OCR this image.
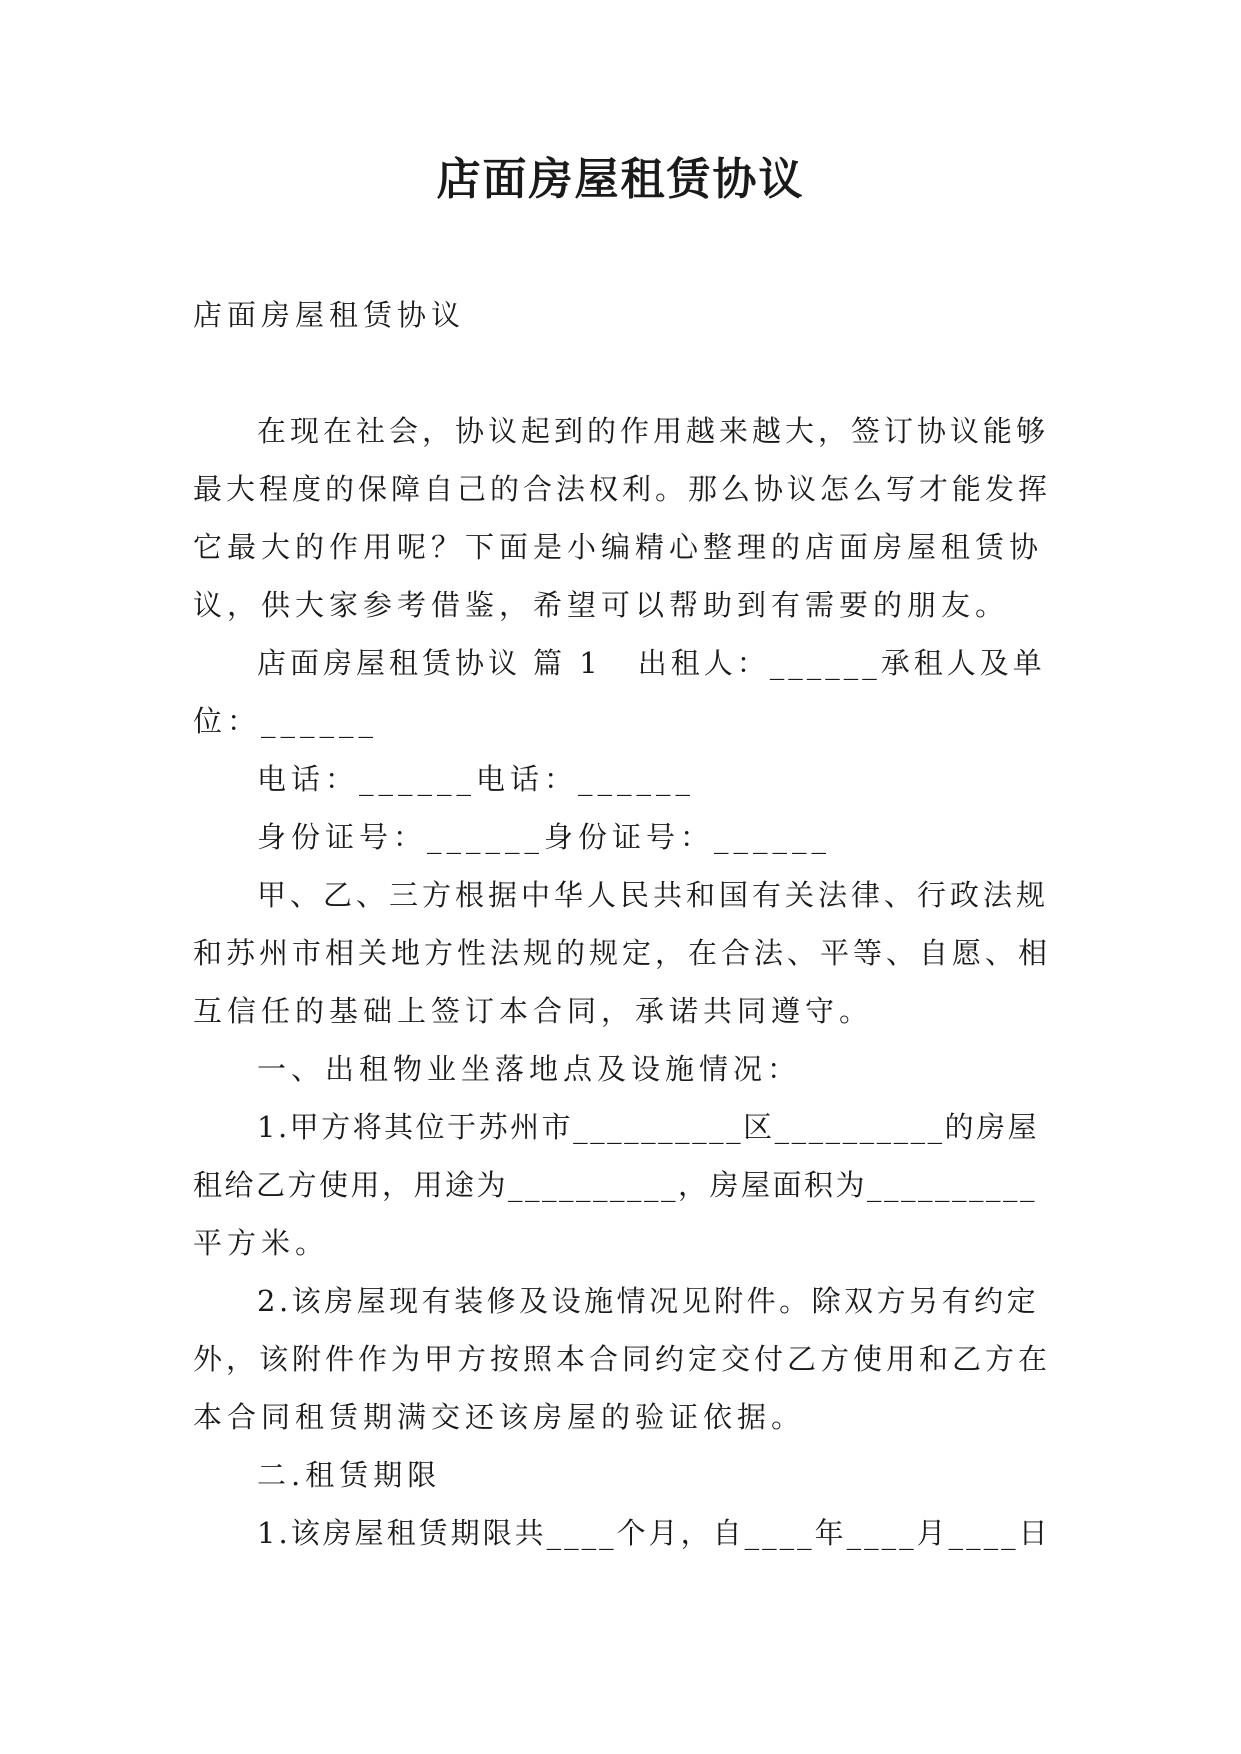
店面房屋租赁协议
店面房屋租赁协议
在现在社会，协议起到的作用越来越大，签订协议能够
最大程度的保障自己的合法权利。那么协议怎么写才能发挥
它最大的作用呢？下面是小编精心整理的店面房屋租赁协
议，供大家参考借鉴，希望可以帮助到有需要的朋友。
店面房屋租赁协议 篇 1 出租人：______承租人及单
位：______
电话：______电话：______
身份证号：______身份证号：______
甲、乙、三方根据中华人民共和国有关法律、行政法规
和苏州市相关地方性法规的规定，在合法、平等、自愿、相
互信任的基础上签订本合同，承诺共同遵守。
一、出租物业坐落地点及设施情况：
1.甲方将其位于苏州市__________区__________的房屋
租给乙方使用，用途为__________，房屋面积为__________
平方米。
2.该房屋现有装修及设施情况见附件。除双方另有约定
外，该附件作为甲方按照本合同约定交付乙方使用和乙方在
本合同租赁期满交还该房屋的验证依据。
二.租赁期限
1.该房屋租赁期限共____个月，自____年____月____日
